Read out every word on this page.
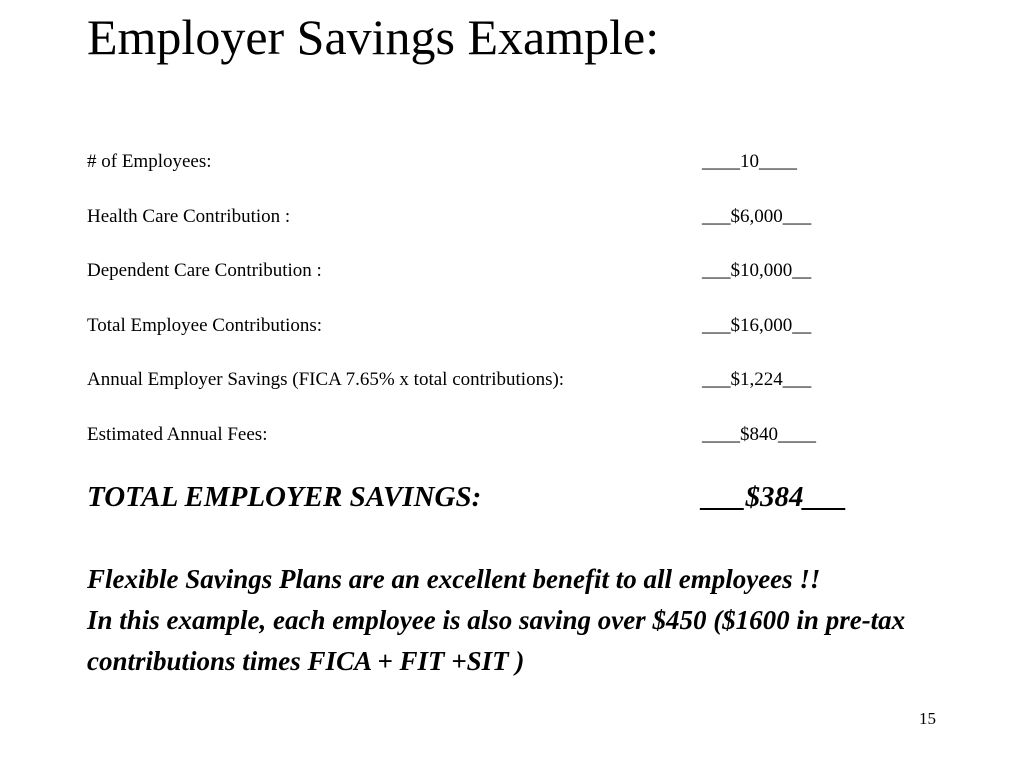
Employer Savings Example:
# of Employees:	____10____
Health Care Contribution :	___$6,000___
Dependent Care Contribution :	___$10,000__
Total Employee Contributions:	___$16,000__
Annual Employer Savings (FICA 7.65% x total contributions):	___$1,224___
Estimated Annual Fees:	____$840____
TOTAL EMPLOYER SAVINGS:	___$384___

Flexible Savings Plans are an excellent benefit to all employees !!

In this example, each employee is also saving over $450 ($1600 in pre-tax contributions times FICA + FIT +SIT )

15
